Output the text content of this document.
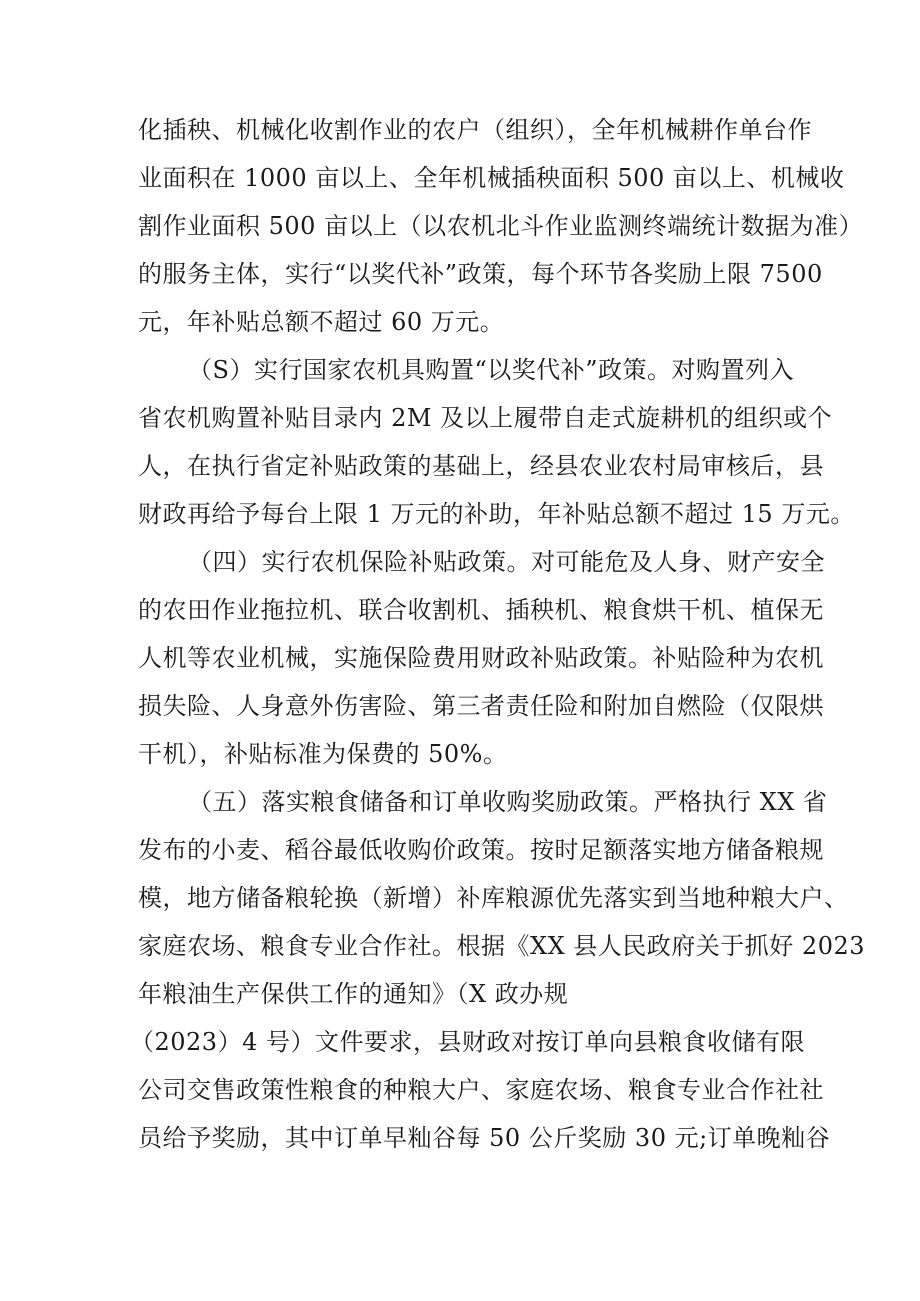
化插秧、机械化收割作业的农户（组织），全年机械耕作单台作
业面积在 1000 亩以上、全年机械插秧面积 500 亩以上、机械收
割作业面积 500 亩以上（以农机北斗作业监测终端统计数据为准）
的服务主体，实行“以奖代补”政策，每个环节各奖励上限 7500
元，年补贴总额不超过 60 万元。
（S）实行国家农机具购置“以奖代补”政策。对购置列入
省农机购置补贴目录内 2M 及以上履带自走式旋耕机的组织或个
人，在执行省定补贴政策的基础上，经县农业农村局审核后，县
财政再给予每台上限 1 万元的补助，年补贴总额不超过 15 万元。
（四）实行农机保险补贴政策。对可能危及人身、财产安全
的农田作业拖拉机、联合收割机、插秧机、粮食烘干机、植保无
人机等农业机械，实施保险费用财政补贴政策。补贴险种为农机
损失险、人身意外伤害险、第三者责任险和附加自燃险（仅限烘
干机），补贴标准为保费的 50%。
（五）落实粮食储备和订单收购奖励政策。严格执行 XX 省
发布的小麦、稻谷最低收购价政策。按时足额落实地方储备粮规
模，地方储备粮轮换（新增）补库粮源优先落实到当地种粮大户、
家庭农场、粮食专业合作社。根据《XX 县人民政府关于抓好 2023
年粮油生产保供工作的通知》（X 政办规
（2023）4 号）文件要求，县财政对按订单向县粮食收储有限
公司交售政策性粮食的种粮大户、家庭农场、粮食专业合作社社
员给予奖励，其中订单早籼谷每 50 公斤奖励 30 元;订单晚籼谷
